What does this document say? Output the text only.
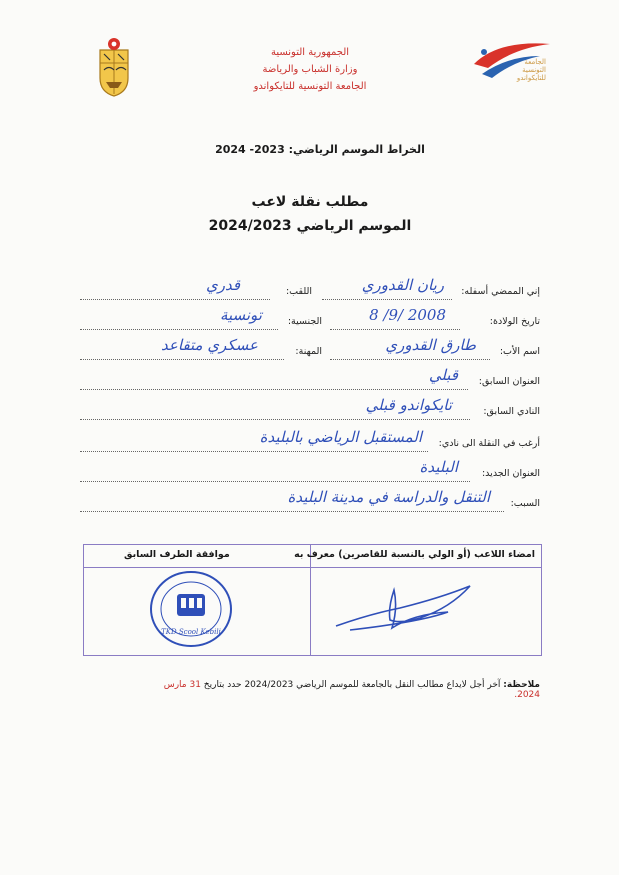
الجمهورية التونسية
وزارة الشباب والرياضة
الجامعة التونسية للتايكواندو
الجامعة
التونسية
للتايكواندو
الخراط الموسم الرياضي: 2023- 2024
مطلب نقلة لاعب
الموسم الرياضي 2024/2023
إني الممضي أسفله:
ريان القدوري
اللقب:
قدري
تاريخ الولادة:
2008 /9/ 8
الجنسية:
تونسية
اسم الأب:
طارق القدوري
المهنة:
عسكري متقاعد
العنوان السابق:
قبلي
النادي السابق:
تايكواندو قبلي
أرغب في النقلة الى نادي:
المستقبل الرياضي بالبليدة
العنوان الجديد:
البليدة
السبب:
التنقل والدراسة في مدينة البليدة
امضاء اللاعب (أو الولي بالنسبة للقاصرين) معرف به
موافقة الطرف السابق
TKD Scool Kebili
ملاحظة: آخر أجل لايداع مطالب النقل بالجامعة للموسم الرياضي 2024/2023 حدد بتاريخ 31 مارس 2024.
